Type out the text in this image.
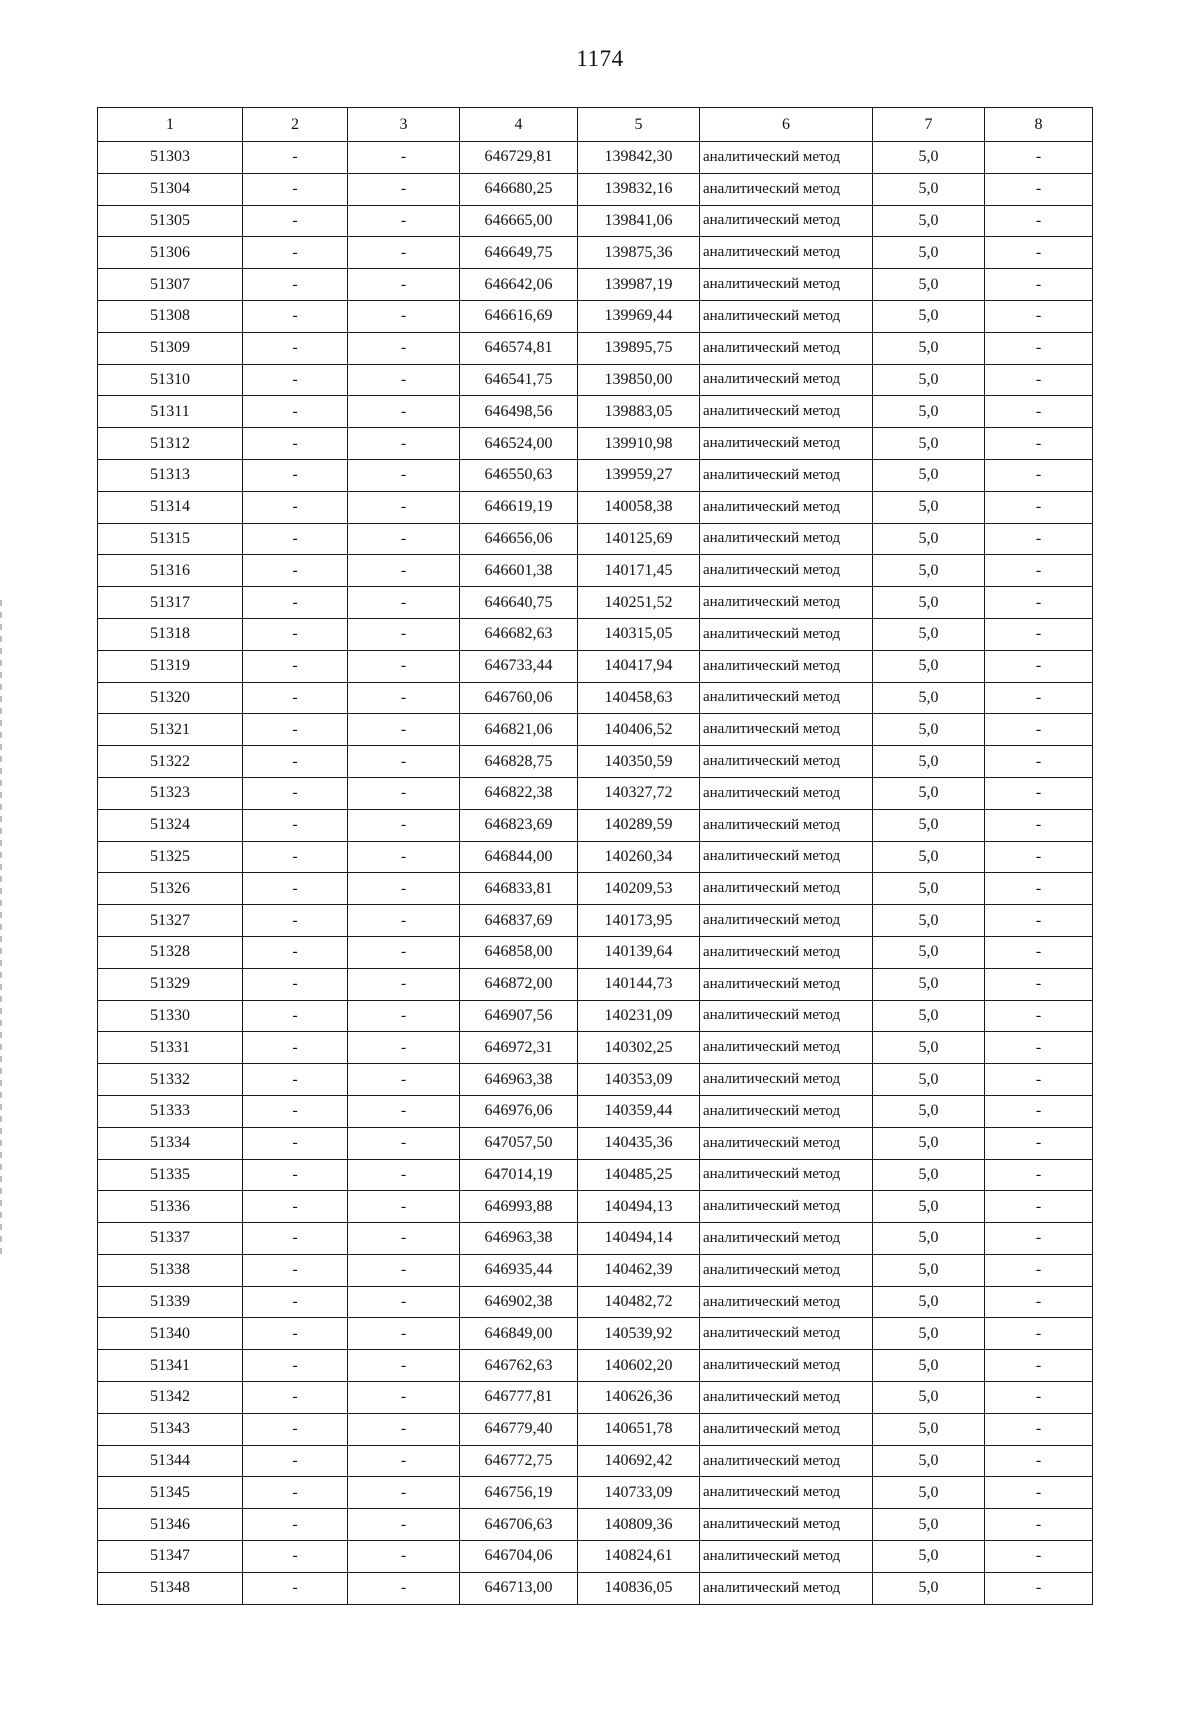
1174
1	2	3	4	5	6	7	8
51303	-	-	646729,81	139842,30	аналитический метод	5,0	-
51304	-	-	646680,25	139832,16	аналитический метод	5,0	-
51305	-	-	646665,00	139841,06	аналитический метод	5,0	-
51306	-	-	646649,75	139875,36	аналитический метод	5,0	-
51307	-	-	646642,06	139987,19	аналитический метод	5,0	-
51308	-	-	646616,69	139969,44	аналитический метод	5,0	-
51309	-	-	646574,81	139895,75	аналитический метод	5,0	-
51310	-	-	646541,75	139850,00	аналитический метод	5,0	-
51311	-	-	646498,56	139883,05	аналитический метод	5,0	-
51312	-	-	646524,00	139910,98	аналитический метод	5,0	-
51313	-	-	646550,63	139959,27	аналитический метод	5,0	-
51314	-	-	646619,19	140058,38	аналитический метод	5,0	-
51315	-	-	646656,06	140125,69	аналитический метод	5,0	-
51316	-	-	646601,38	140171,45	аналитический метод	5,0	-
51317	-	-	646640,75	140251,52	аналитический метод	5,0	-
51318	-	-	646682,63	140315,05	аналитический метод	5,0	-
51319	-	-	646733,44	140417,94	аналитический метод	5,0	-
51320	-	-	646760,06	140458,63	аналитический метод	5,0	-
51321	-	-	646821,06	140406,52	аналитический метод	5,0	-
51322	-	-	646828,75	140350,59	аналитический метод	5,0	-
51323	-	-	646822,38	140327,72	аналитический метод	5,0	-
51324	-	-	646823,69	140289,59	аналитический метод	5,0	-
51325	-	-	646844,00	140260,34	аналитический метод	5,0	-
51326	-	-	646833,81	140209,53	аналитический метод	5,0	-
51327	-	-	646837,69	140173,95	аналитический метод	5,0	-
51328	-	-	646858,00	140139,64	аналитический метод	5,0	-
51329	-	-	646872,00	140144,73	аналитический метод	5,0	-
51330	-	-	646907,56	140231,09	аналитический метод	5,0	-
51331	-	-	646972,31	140302,25	аналитический метод	5,0	-
51332	-	-	646963,38	140353,09	аналитический метод	5,0	-
51333	-	-	646976,06	140359,44	аналитический метод	5,0	-
51334	-	-	647057,50	140435,36	аналитический метод	5,0	-
51335	-	-	647014,19	140485,25	аналитический метод	5,0	-
51336	-	-	646993,88	140494,13	аналитический метод	5,0	-
51337	-	-	646963,38	140494,14	аналитический метод	5,0	-
51338	-	-	646935,44	140462,39	аналитический метод	5,0	-
51339	-	-	646902,38	140482,72	аналитический метод	5,0	-
51340	-	-	646849,00	140539,92	аналитический метод	5,0	-
51341	-	-	646762,63	140602,20	аналитический метод	5,0	-
51342	-	-	646777,81	140626,36	аналитический метод	5,0	-
51343	-	-	646779,40	140651,78	аналитический метод	5,0	-
51344	-	-	646772,75	140692,42	аналитический метод	5,0	-
51345	-	-	646756,19	140733,09	аналитический метод	5,0	-
51346	-	-	646706,63	140809,36	аналитический метод	5,0	-
51347	-	-	646704,06	140824,61	аналитический метод	5,0	-
51348	-	-	646713,00	140836,05	аналитический метод	5,0	-
